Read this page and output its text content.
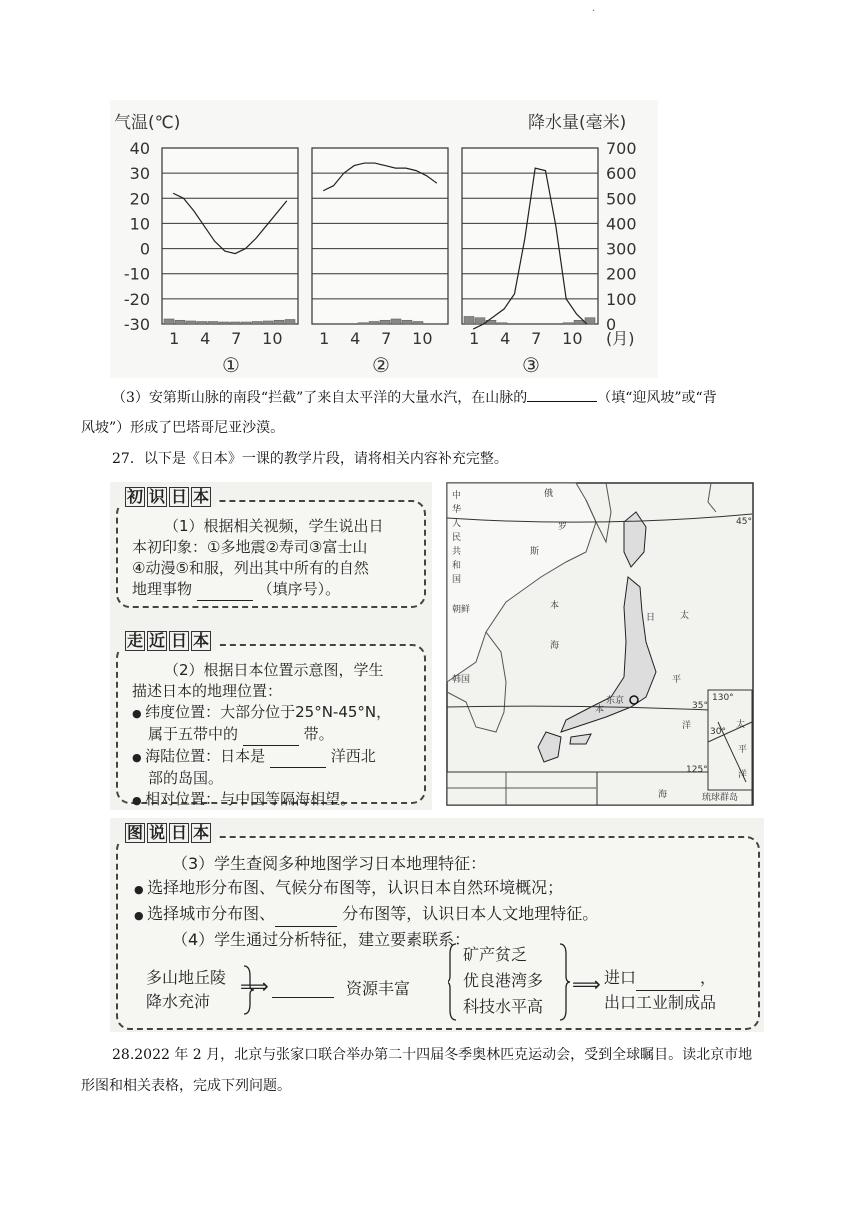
·
气温(℃)	降水量(毫米)
40
30
20
10
0
-10
-20
-30
700
600
500
400
300
200
100
0
1 4 7 10
①
1 4 7 10
②
1 4 7 10
③
(月)
（3）安第斯山脉的南段“拦截”了来自太平洋的大量水汽，在山脉的	（填“迎风坡”或“背
风坡”）形成了巴塔哥尼亚沙漠。
27．以下是《日本》一课的教学片段，请将相关内容补充完整。
（1）根据相关视频，学生说出日
本初印象：①多地震②寿司③富士山
④动漫⑤和服，列出其中所有的自然
地理事物	（填序号）。
初 识 日 本
（2）根据日本位置示意图，学生
描述日本的地理位置：
● 纬度位置：大部分位于25°N-45°N，
属于五带中的	带。
● 海陆位置：日本是	洋西北
部的岛国。
● 相对位置：与中国等隔海相望。
走 近 日 本
中
华
人
民
共
和
国
俄
罗
斯
朝鲜
韩国
日
本
海
太
平
洋
本
东京
45°
35°
30°
130°
125°
太
平
洋
海	琉球群岛
（3）学生查阅多种地图学习日本地理特征：
● 选择地形分布图、气候分布图等，认识日本自然环境概况；
● 选择城市分布图、	分布图等，认识日本人文地理特征。
（4）学生通过分析特征，建立要素联系：
多山地丘陵
降水充沛
⟹	资源丰富
矿产贫乏
优良港湾多
科技水平高
⟹ 进口	，
出口工业制成品
图 说 日 本
28.2022 年 2 月，北京与张家口联合举办第二十四届冬季奥林匹克运动会，受到全球瞩目。读北京市地
形图和相关表格，完成下列问题。
